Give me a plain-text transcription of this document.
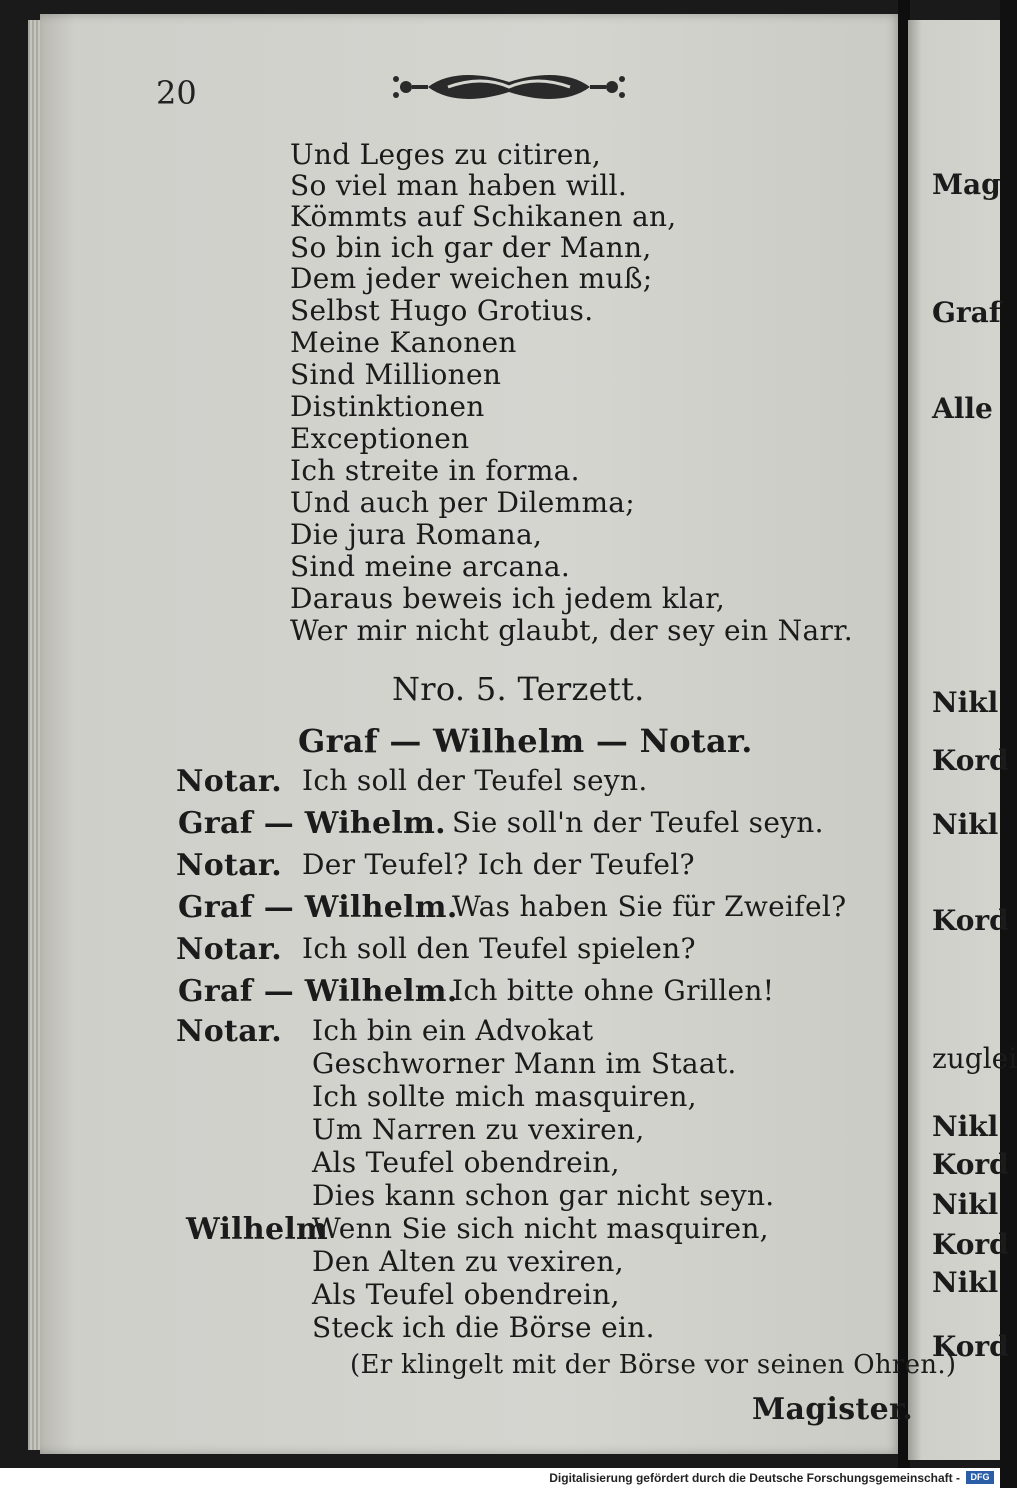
20
Und Leges zu citiren,
So viel man haben will.
Kömmts auf Schikanen an,
So bin ich gar der Mann,
Dem jeder weichen muß;
Selbst Hugo Grotius.
Meine Kanonen
Sind Millionen
Distinktionen
Exceptionen
Ich streite in forma.
Und auch per Dilemma;
Die jura Romana,
Sind meine arcana.
Daraus beweis ich jedem klar,
Wer mir nicht glaubt, der sey ein Narr.
Nro. 5. Terzett.
Graf — Wilhelm — Notar.
Notar. Ich soll der Teufel seyn.
Graf — Wihelm. Sie soll'n der Teufel seyn.
Notar. Der Teufel? Ich der Teufel?
Graf — Wilhelm.
Was haben Sie für Zweifel?
Notar. Ich soll den Teufel spielen?
Graf — Wilhelm.
Ich bitte ohne Grillen!
Notar. Ich bin ein Advokat
Geschworner Mann im Staat.
Ich sollte mich masquiren,
Um Narren zu vexiren,
Als Teufel obendrein,
Dies kann schon gar nicht seyn.
Wilhelm
Wenn Sie sich nicht masquiren,
Den Alten zu vexiren,
Als Teufel obendrein,
Steck ich die Börse ein.
(Er klingelt mit der Börse vor seinen Ohren.)
Magister.
Mag
Graf
Alle
Nikl
Kord
Nikl
Kord
zuglei
Nikl
Kord
Nikl
Kord
Nikl
Kord
Digitalisierung gefördert durch die Deutsche Forschungsgemeinschaft -	DFG
